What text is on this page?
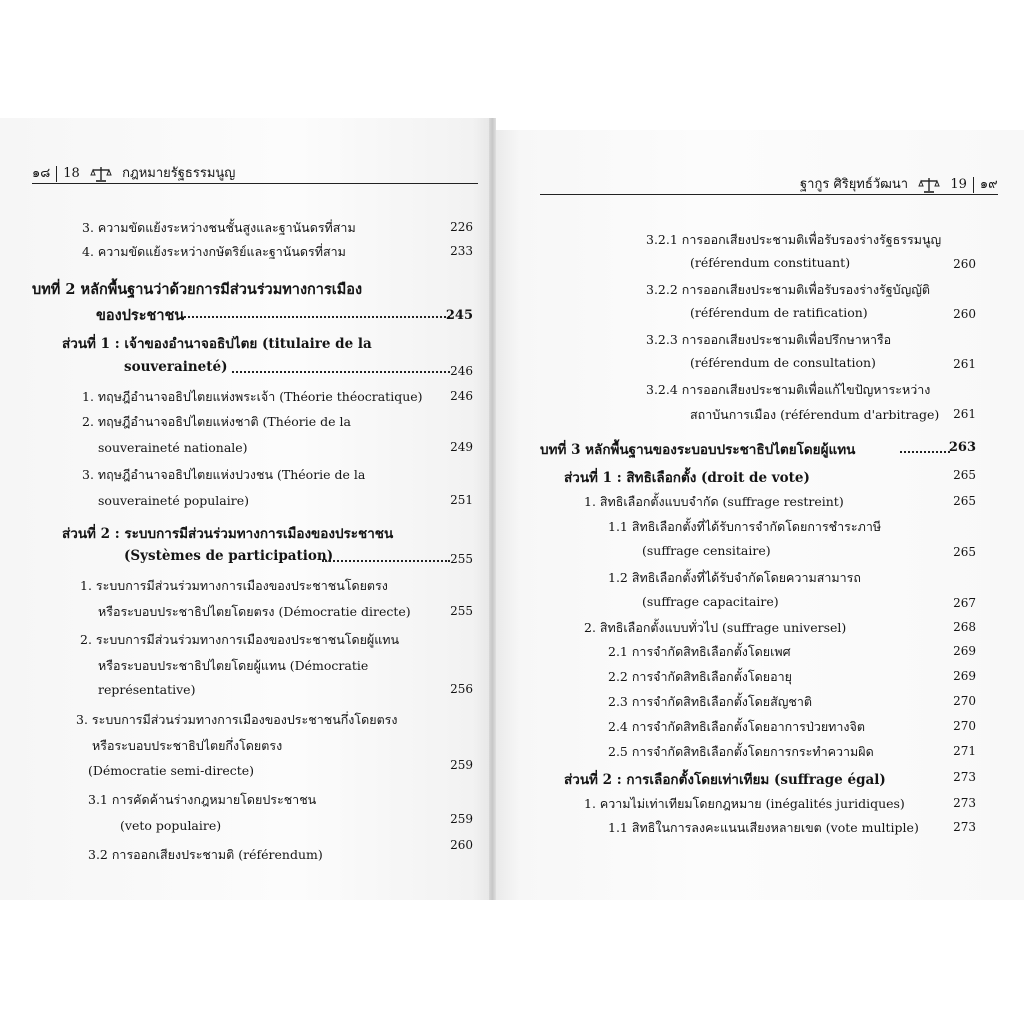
๑๘ 18	กฎหมายรัฐธรรมนูญ
ฐากูร ศิริยุทธ์วัฒนา	19 ๑๙
3. ความขัดแย้งระหว่างชนชั้นสูงและฐานันดรที่สาม	226
4. ความขัดแย้งระหว่างกษัตริย์และฐานันดรที่สาม	233
บทที่ 2 หลักพื้นฐานว่าด้วยการมีส่วนร่วมทางการเมือง
ของประชาชน	245
ส่วนที่ 1 : เจ้าของอำนาจอธิปไตย (titulaire de la
souveraineté)	246
1. ทฤษฎีอำนาจอธิปไตยแห่งพระเจ้า (Théorie théocratique)	246
2. ทฤษฎีอำนาจอธิปไตยแห่งชาติ (Théorie de la
souveraineté nationale)	249
3. ทฤษฎีอำนาจอธิปไตยแห่งปวงชน (Théorie de la
souveraineté populaire)	251
ส่วนที่ 2 : ระบบการมีส่วนร่วมทางการเมืองของประชาชน
(Systèmes de participation)	255
1. ระบบการมีส่วนร่วมทางการเมืองของประชาชนโดยตรง
หรือระบอบประชาธิปไตยโดยตรง (Démocratie directe)	255
2. ระบบการมีส่วนร่วมทางการเมืองของประชาชนโดยผู้แทน
หรือระบอบประชาธิปไตยโดยผู้แทน (Démocratie
représentative)	256
3. ระบบการมีส่วนร่วมทางการเมืองของประชาชนกึ่งโดยตรง
หรือระบอบประชาธิปไตยกึ่งโดยตรง
(Démocratie semi-directe)	259
3.1 การคัดค้านร่างกฎหมายโดยประชาชน
(veto populaire)	259
3.2 การออกเสียงประชามติ (référendum)
260
3.2.1 การออกเสียงประชามติเพื่อรับรองร่างรัฐธรรมนูญ
(référendum constituant)	260
3.2.2 การออกเสียงประชามติเพื่อรับรองร่างรัฐบัญญัติ
(référendum de ratification)	260
3.2.3 การออกเสียงประชามติเพื่อปรึกษาหารือ
(référendum de consultation)	261
3.2.4 การออกเสียงประชามติเพื่อแก้ไขปัญหาระหว่าง
สถาบันการเมือง (référendum d'arbitrage)	261
บทที่ 3 หลักพื้นฐานของระบอบประชาธิปไตยโดยผู้แทน	263
ส่วนที่ 1 : สิทธิเลือกตั้ง (droit de vote)	265
1. สิทธิเลือกตั้งแบบจำกัด (suffrage restreint)	265
1.1 สิทธิเลือกตั้งที่ได้รับการจำกัดโดยการชำระภาษี
(suffrage censitaire)	265
1.2 สิทธิเลือกตั้งที่ได้รับจำกัดโดยความสามารถ
(suffrage capacitaire)	267
2. สิทธิเลือกตั้งแบบทั่วไป (suffrage universel)	268
2.1 การจำกัดสิทธิเลือกตั้งโดยเพศ	269
2.2 การจำกัดสิทธิเลือกตั้งโดยอายุ	269
2.3 การจำกัดสิทธิเลือกตั้งโดยสัญชาติ	270
2.4 การจำกัดสิทธิเลือกตั้งโดยอาการป่วยทางจิต	270
2.5 การจำกัดสิทธิเลือกตั้งโดยการกระทำความผิด	271
ส่วนที่ 2 : การเลือกตั้งโดยเท่าเทียม (suffrage égal)	273
1. ความไม่เท่าเทียมโดยกฎหมาย (inégalités juridiques)	273
1.1 สิทธิในการลงคะแนนเสียงหลายเขต (vote multiple)	273
